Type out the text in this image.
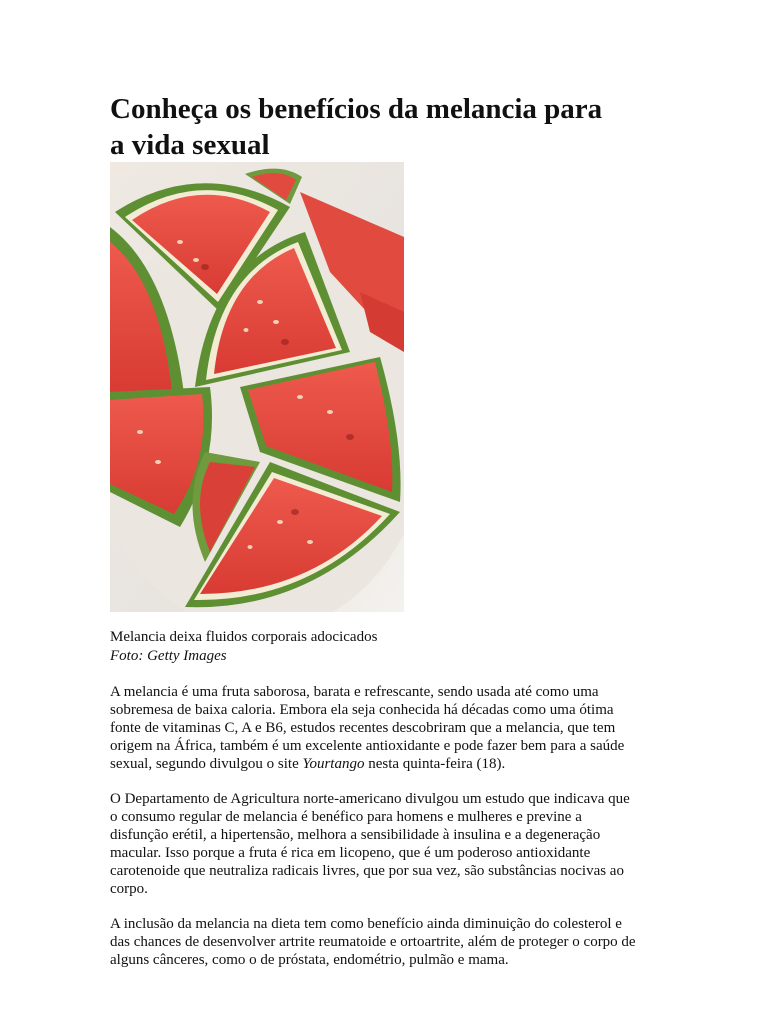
Conheça os benefícios da melancia para
a vida sexual
Melancia deixa fluidos corporais adocicados
Foto: Getty Images

A melancia é uma fruta saborosa, barata e refrescante, sendo usada até como uma
sobremesa de baixa caloria. Embora ela seja conhecida há décadas como uma ótima
fonte de vitaminas C, A e B6, estudos recentes descobriram que a melancia, que tem
origem na África, também é um excelente antioxidante e pode fazer bem para a saúde
sexual, segundo divulgou o site Yourtango nesta quinta-feira (18).

O Departamento de Agricultura norte-americano divulgou um estudo que indicava que
o consumo regular de melancia é benéfico para homens e mulheres e previne a
disfunção erétil, a hipertensão, melhora a sensibilidade à insulina e a degeneração
macular. Isso porque a fruta é rica em licopeno, que é um poderoso antioxidante
carotenoide que neutraliza radicais livres, que por sua vez, são substâncias nocivas ao
corpo.

A inclusão da melancia na dieta tem como benefício ainda diminuição do colesterol e
das chances de desenvolver artrite reumatoide e ortoartrite, além de proteger o corpo de
alguns cânceres, como o de próstata, endométrio, pulmão e mama.
